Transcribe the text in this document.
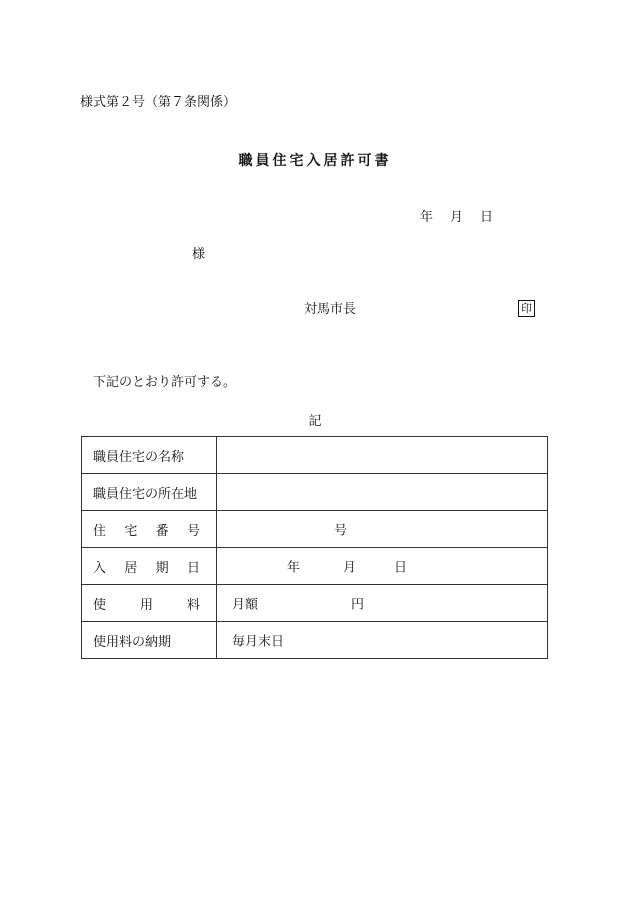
様式第２号（第７条関係）
職員住宅入居許可書
年 月 日
様
対馬市長	印
下記のとおり許可する。
記
職員住宅の名称	
職員住宅の所在地	

住 宅 番 号	号

入 居 期 日	年 月 日

使 用 料	月額 円

使用料の納期	毎月末日
